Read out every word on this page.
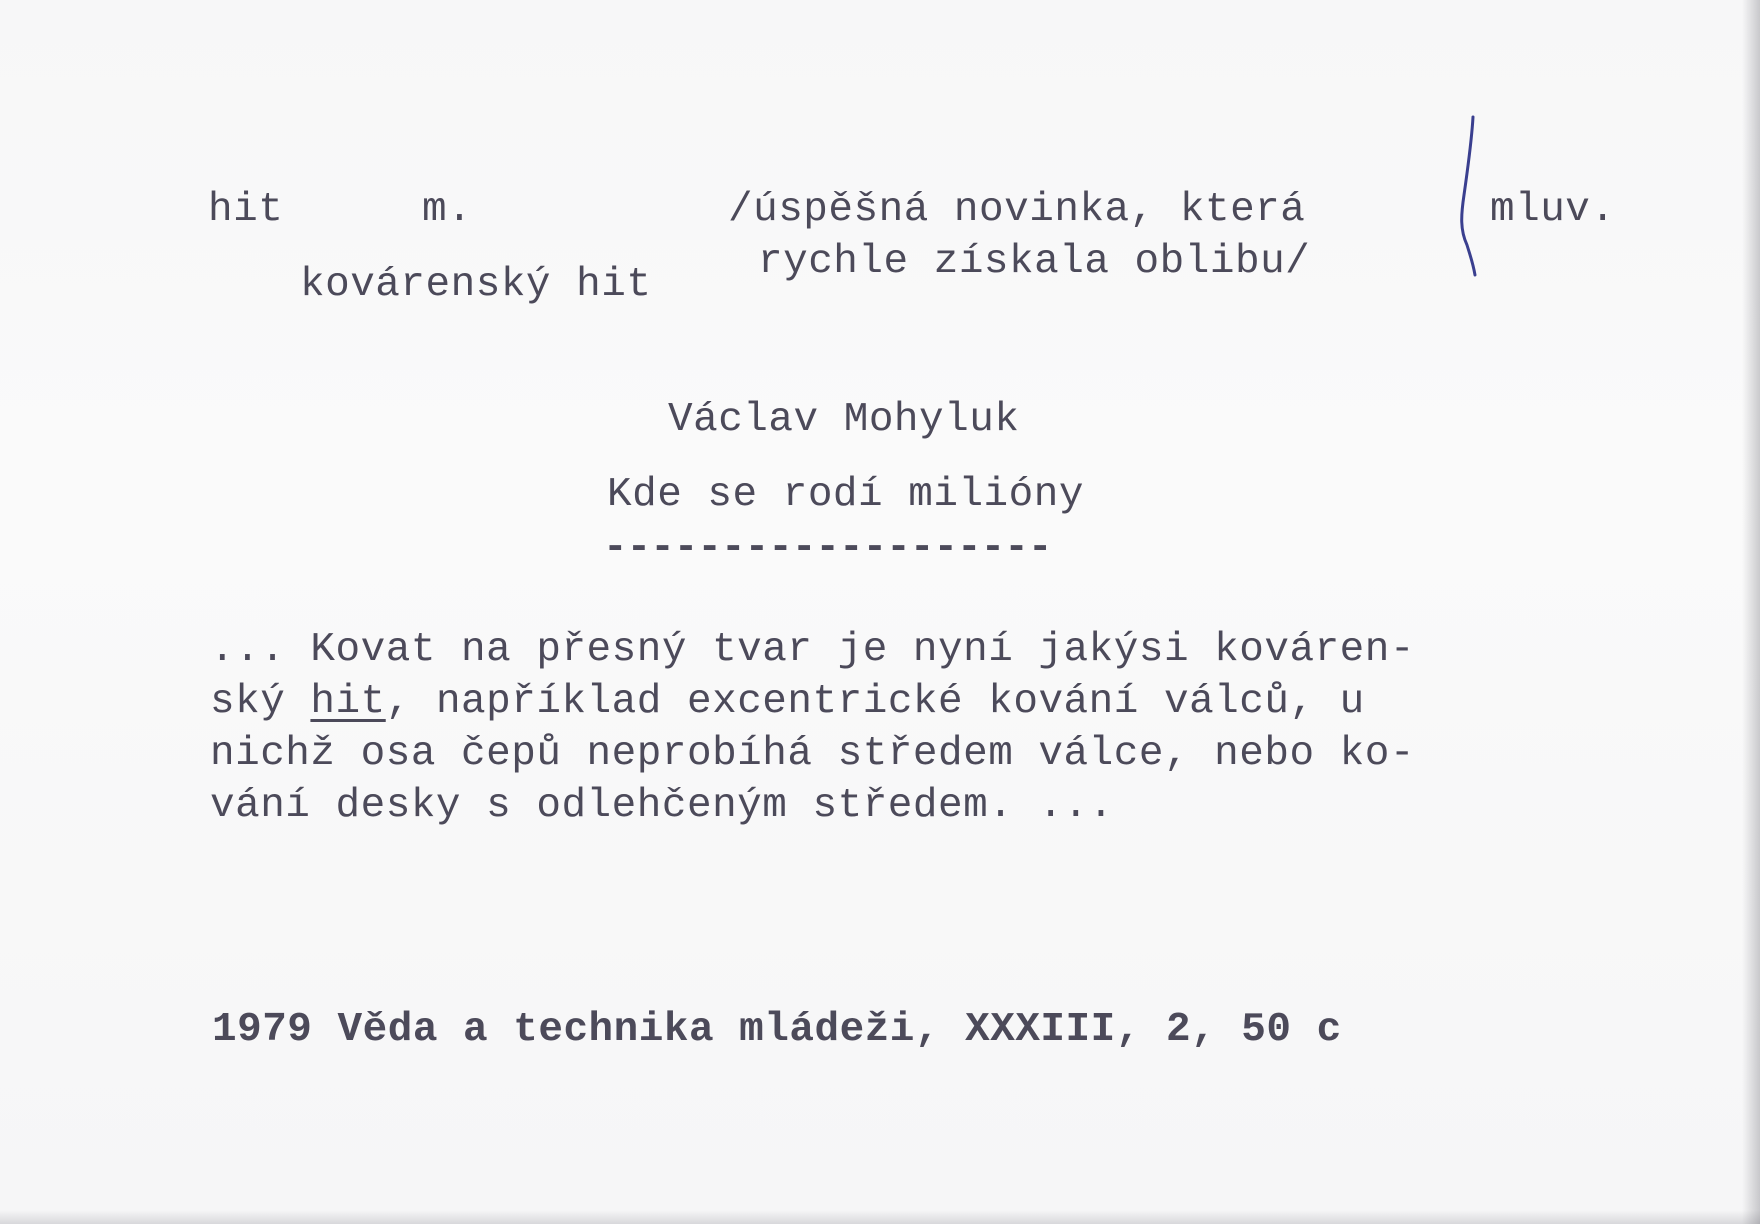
hit	m.
kovárenský hit
/úspěšná novinka, která
rychle získala oblibu/
mluv.
Václav Mohyluk
Kde se rodí milióny
-------------------
... Kovat na přesný tvar je nyní jakýsi kováren-
ský hit, například excentrické kování válců, u
nichž osa čepů neprobíhá středem válce, nebo ko-
vání desky s odlehčeným středem. ...
1979 Věda a technika mládeži, XXXIII, 2, 50 c
